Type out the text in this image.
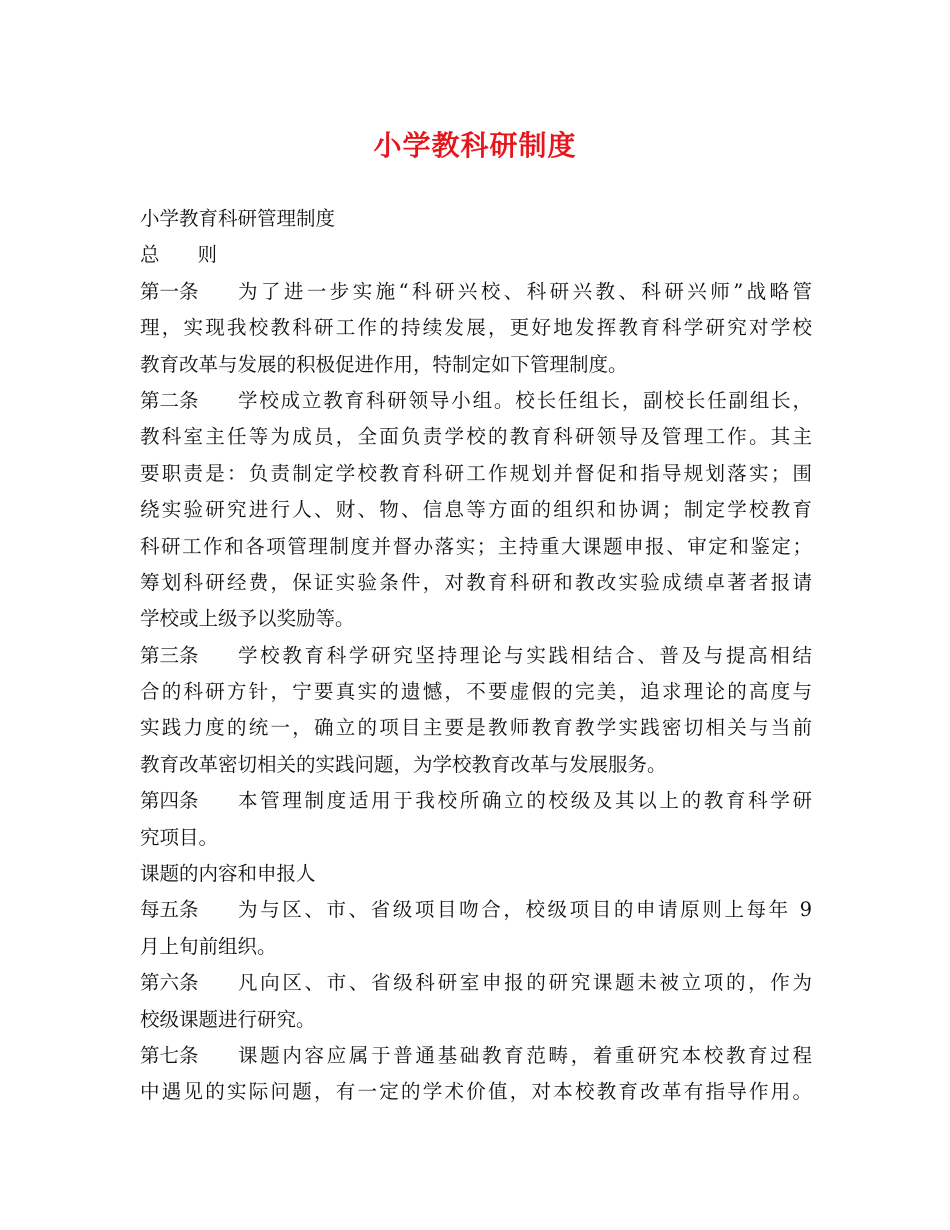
小学教科研制度
小学教育科研管理制度
总 则
第一条	为了进一步实施“科研兴校、科研兴教、科研兴师”战略管
理，实现我校教科研工作的持续发展，更好地发挥教育科学研究对学校
教育改革与发展的积极促进作用，特制定如下管理制度。
第二条	学校成立教育科研领导小组。校长任组长，副校长任副组长，
教科室主任等为成员，全面负责学校的教育科研领导及管理工作。其主
要职责是：负责制定学校教育科研工作规划并督促和指导规划落实；围
绕实验研究进行人、财、物、信息等方面的组织和协调；制定学校教育
科研工作和各项管理制度并督办落实；主持重大课题申报、审定和鉴定；
筹划科研经费，保证实验条件，对教育科研和教改实验成绩卓著者报请
学校或上级予以奖励等。
第三条	学校教育科学研究坚持理论与实践相结合、普及与提高相结
合的科研方针，宁要真实的遗憾，不要虚假的完美，追求理论的高度与
实践力度的统一，确立的项目主要是教师教育教学实践密切相关与当前
教育改革密切相关的实践问题，为学校教育改革与发展服务。
第四条	本管理制度适用于我校所确立的校级及其以上的教育科学研
究项目。
课题的内容和申报人
每五条	为与区、市、省级项目吻合，校级项目的申请原则上每年 9
月上旬前组织。
第六条	凡向区、市、省级科研室申报的研究课题未被立项的，作为
校级课题进行研究。
第七条	课题内容应属于普通基础教育范畴，着重研究本校教育过程
中遇见的实际问题，有一定的学术价值，对本校教育改革有指导作用。
